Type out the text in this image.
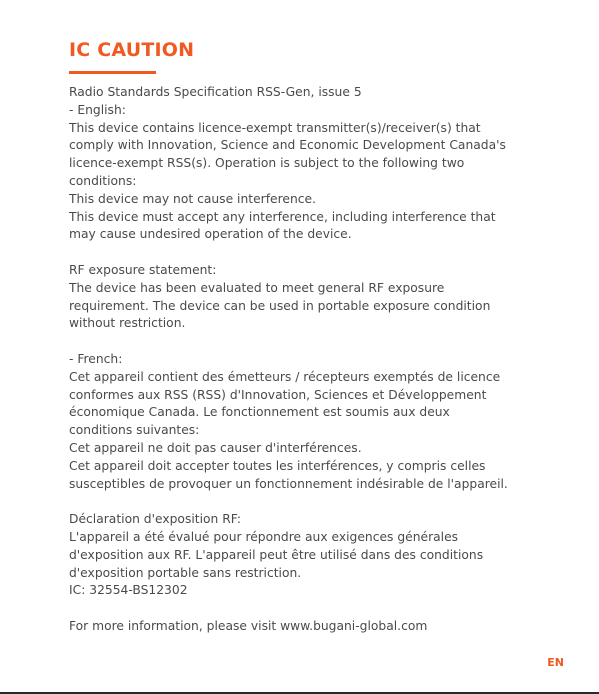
IC CAUTION
Radio Standards Specification RSS-Gen, issue 5
- English:
This device contains licence-exempt transmitter(s)/receiver(s) that
comply with Innovation, Science and Economic Development Canada's
licence-exempt RSS(s). Operation is subject to the following two
conditions:
This device may not cause interference.
This device must accept any interference, including interference that
may cause undesired operation of the device.
RF exposure statement:
The device has been evaluated to meet general RF exposure
requirement. The device can be used in portable exposure condition
without restriction.
- French:
Cet appareil contient des émetteurs / récepteurs exemptés de licence
conformes aux RSS (RSS) d'Innovation, Sciences et Développement
économique Canada. Le fonctionnement est soumis aux deux
conditions suivantes:
Cet appareil ne doit pas causer d'interférences.
Cet appareil doit accepter toutes les interférences, y compris celles
susceptibles de provoquer un fonctionnement indésirable de l'appareil.
Déclaration d'exposition RF:
L'appareil a été évalué pour répondre aux exigences générales
d'exposition aux RF. L'appareil peut être utilisé dans des conditions
d'exposition portable sans restriction.
IC: 32554-BS12302
For more information, please visit www.bugani-global.com
EN
